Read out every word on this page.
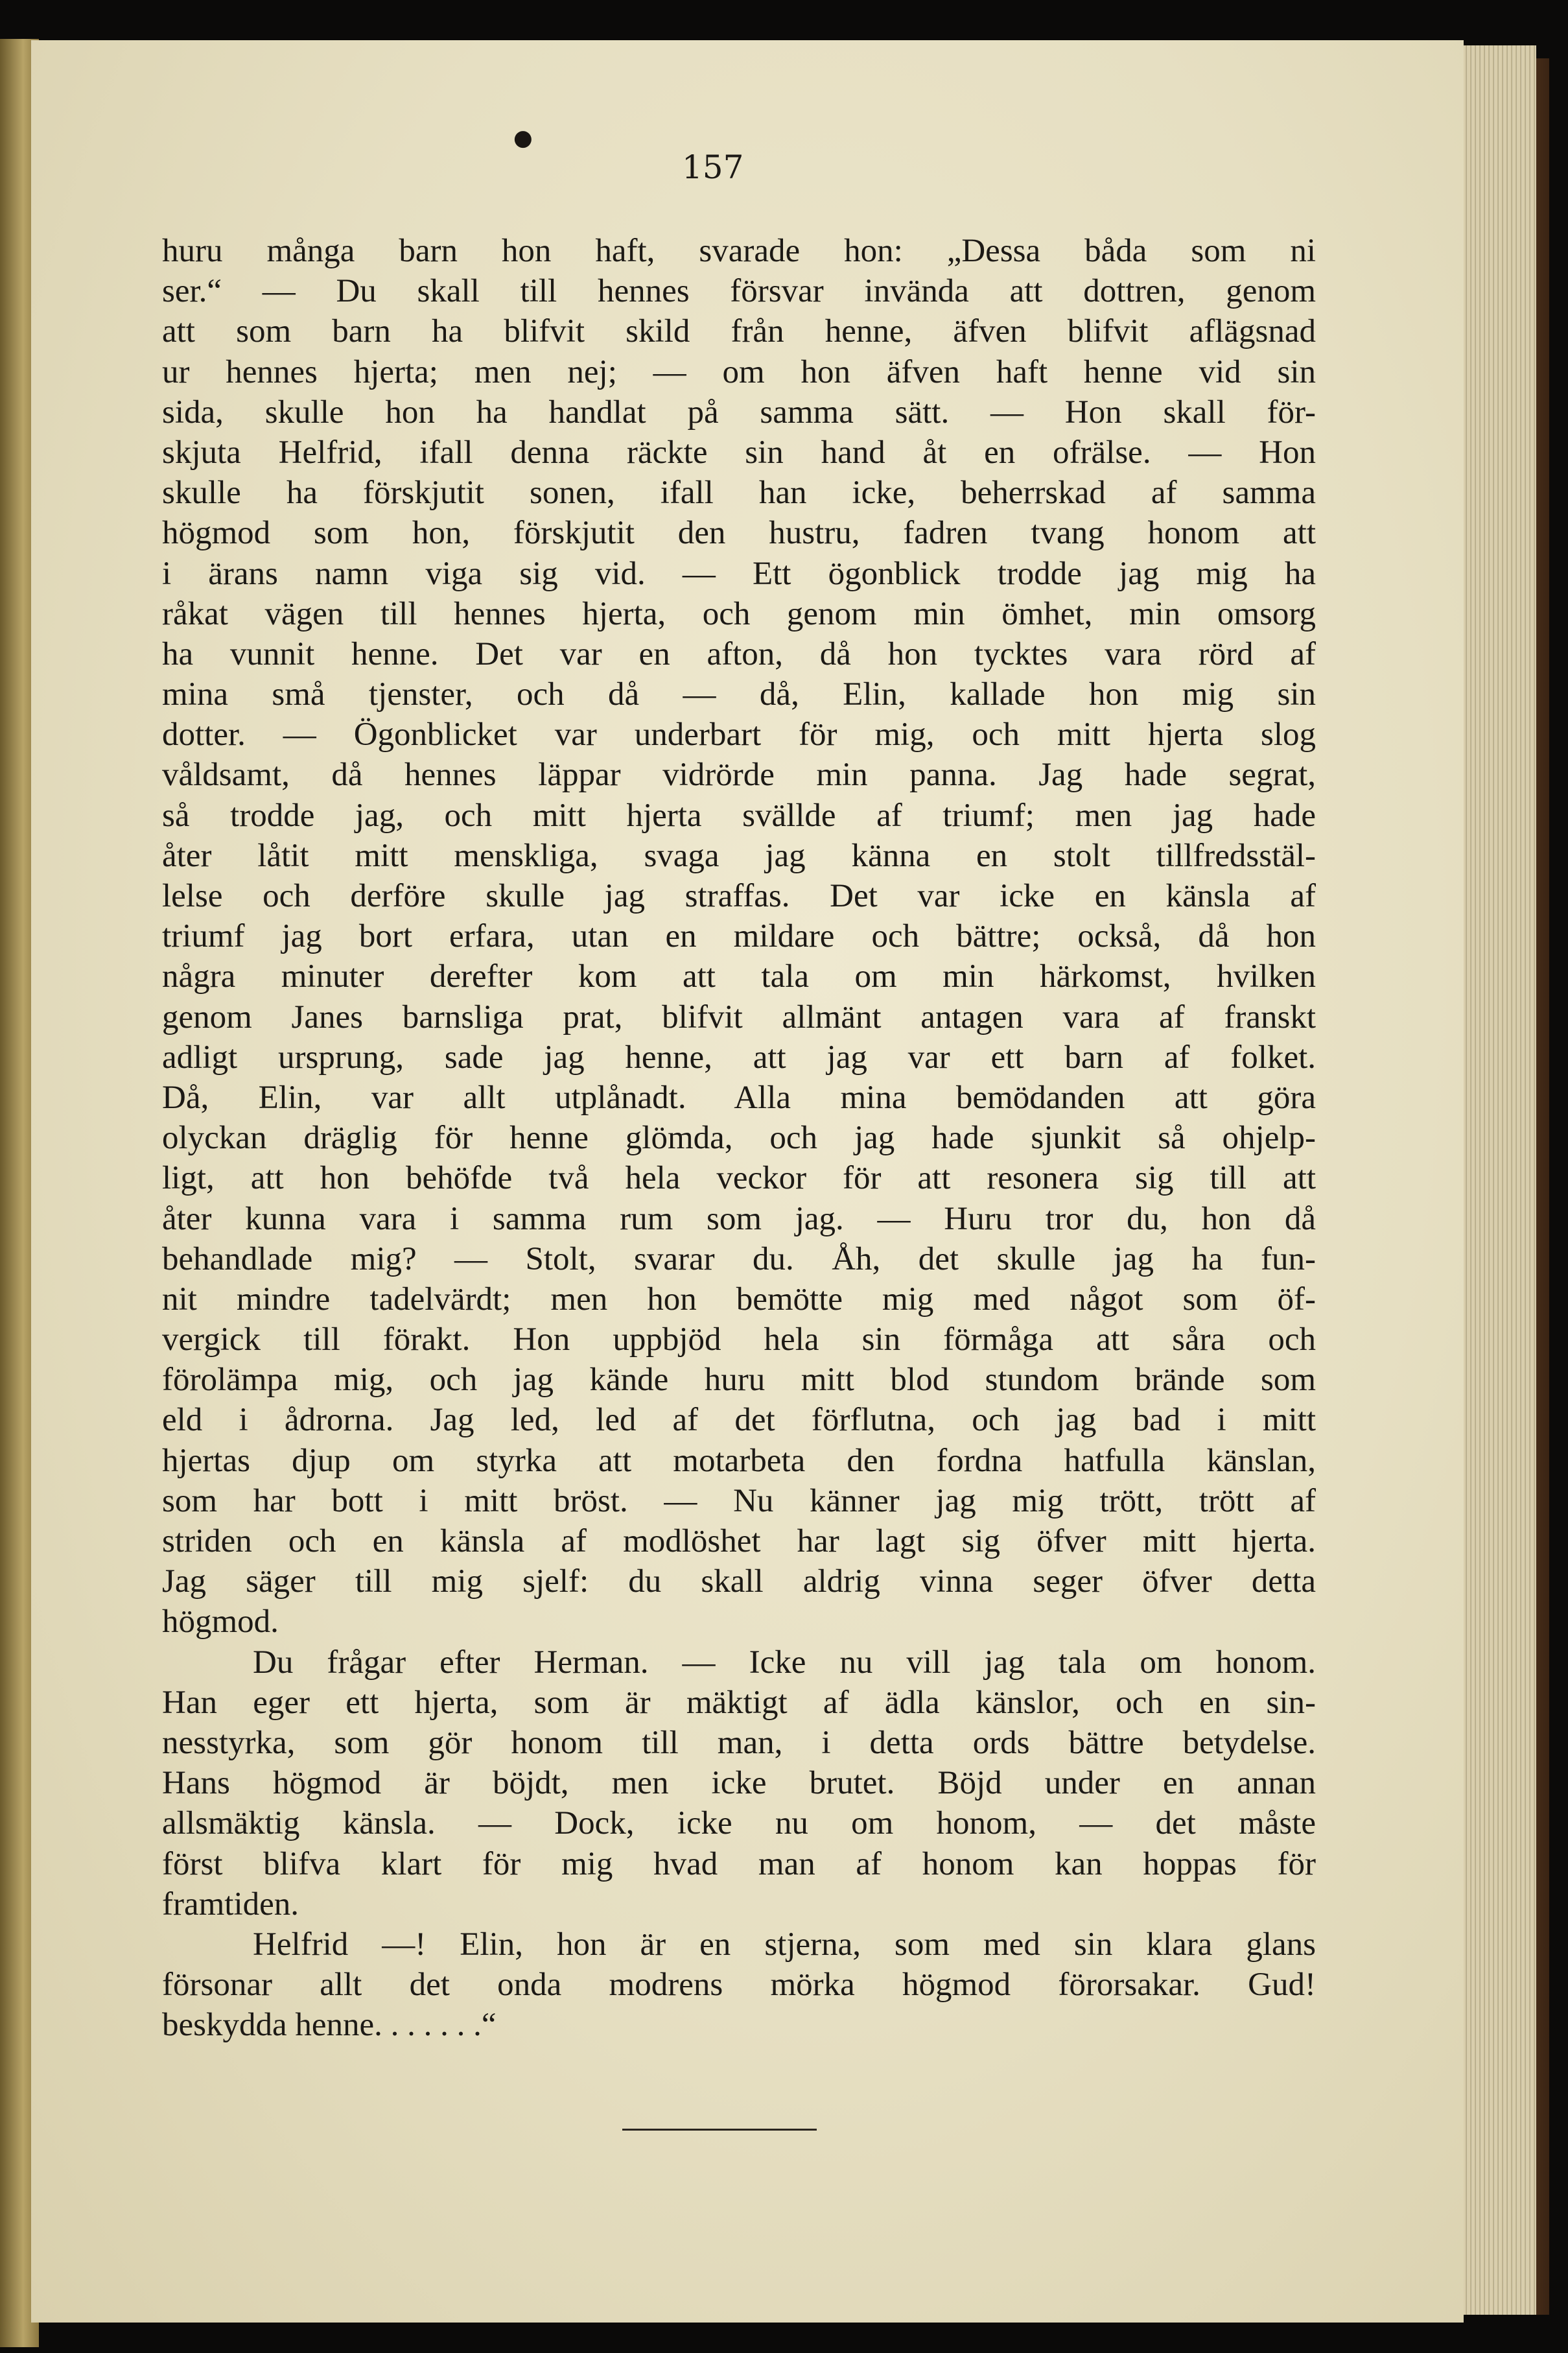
●
157
huru många barn hon haft, svarade hon: „Dessa båda som ni
ser.“ — Du skall till hennes försvar invända att dottren, genom
att som barn ha blifvit skild från henne, äfven blifvit aflägsnad
ur hennes hjerta; men nej; — om hon äfven haft henne vid sin
sida, skulle hon ha handlat på samma sätt. — Hon skall för-
skjuta Helfrid, ifall denna räckte sin hand åt en ofrälse. — Hon
skulle ha förskjutit sonen, ifall han icke, beherrskad af samma
högmod som hon, förskjutit den hustru, fadren tvang honom att
i ärans namn viga sig vid. — Ett ögonblick trodde jag mig ha
råkat vägen till hennes hjerta, och genom min ömhet, min omsorg
ha vunnit henne. Det var en afton, då hon tycktes vara rörd af
mina små tjenster, och då — då, Elin, kallade hon mig sin
dotter. — Ögonblicket var underbart för mig, och mitt hjerta slog
våldsamt, då hennes läppar vidrörde min panna. Jag hade segrat,
så trodde jag, och mitt hjerta svällde af triumf; men jag hade
åter låtit mitt menskliga, svaga jag känna en stolt tillfredsstäl-
lelse och derföre skulle jag straffas. Det var icke en känsla af
triumf jag bort erfara, utan en mildare och bättre; också, då hon
några minuter derefter kom att tala om min härkomst, hvilken
genom Janes barnsliga prat, blifvit allmänt antagen vara af franskt
adligt ursprung, sade jag henne, att jag var ett barn af folket.
Då, Elin, var allt utplånadt. Alla mina bemödanden att göra
olyckan dräglig för henne glömda, och jag hade sjunkit så ohjelp-
ligt, att hon behöfde två hela veckor för att resonera sig till att
åter kunna vara i samma rum som jag. — Huru tror du, hon då
behandlade mig? — Stolt, svarar du. Åh, det skulle jag ha fun-
nit mindre tadelvärdt; men hon bemötte mig med något som öf-
vergick till förakt. Hon uppbjöd hela sin förmåga att såra och
förolämpa mig, och jag kände huru mitt blod stundom brände som
eld i ådrorna. Jag led, led af det förflutna, och jag bad i mitt
hjertas djup om styrka att motarbeta den fordna hatfulla känslan,
som har bott i mitt bröst. — Nu känner jag mig trött, trött af
striden och en känsla af modlöshet har lagt sig öfver mitt hjerta.
Jag säger till mig sjelf: du skall aldrig vinna seger öfver detta
högmod.
Du frågar efter Herman. — Icke nu vill jag tala om honom.
Han eger ett hjerta, som är mäktigt af ädla känslor, och en sin-
nesstyrka, som gör honom till man, i detta ords bättre betydelse.
Hans högmod är böjdt, men icke brutet. Böjd under en annan
allsmäktig känsla. — Dock, icke nu om honom, — det måste
först blifva klart för mig hvad man af honom kan hoppas för
framtiden.
Helfrid —! Elin, hon är en stjerna, som med sin klara glans
försonar allt det onda modrens mörka högmod förorsakar. Gud!
beskydda henne. . . . . . .“
